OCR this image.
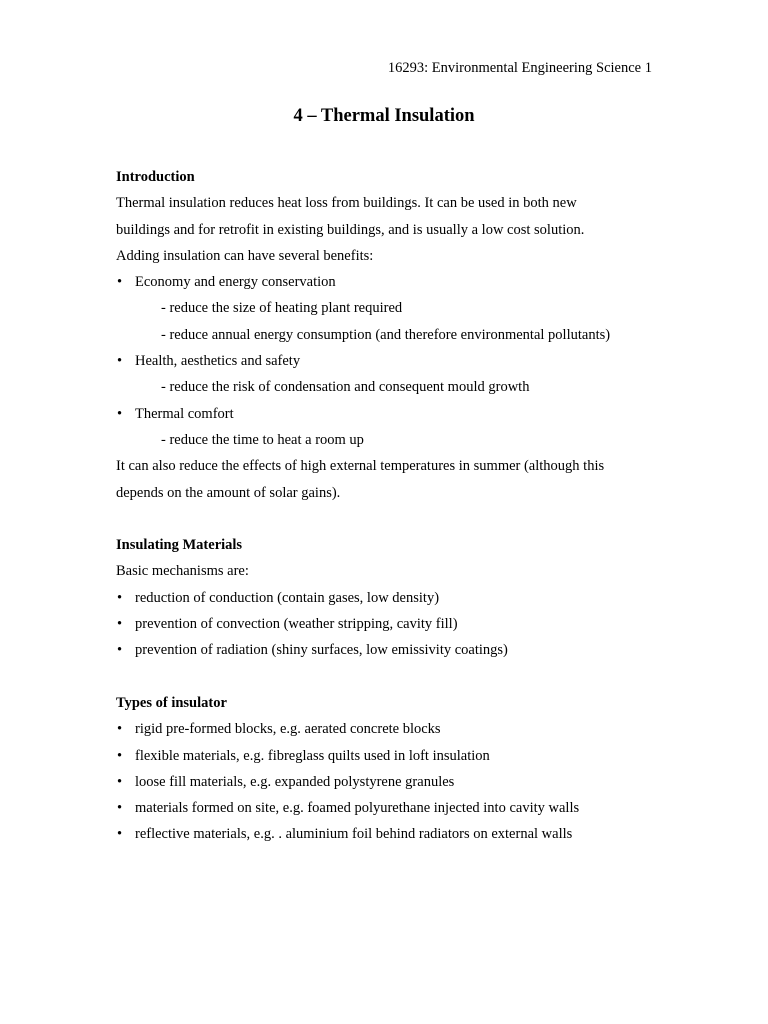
16293: Environmental Engineering Science 1
4 – Thermal Insulation

Introduction

Thermal insulation reduces heat loss from buildings. It can be used in both new

buildings and for retrofit in existing buildings, and is usually a low cost solution.

Adding insulation can have several benefits:

• Economy and energy conservation

- reduce the size of heating plant required

- reduce annual energy consumption (and therefore environmental pollutants)

• Health, aesthetics and safety

- reduce the risk of condensation and consequent mould growth

• Thermal comfort

- reduce the time to heat a room up

It can also reduce the effects of high external temperatures in summer (although this

depends on the amount of solar gains).

Insulating Materials

Basic mechanisms are:

• reduction of conduction (contain gases, low density)
• prevention of convection (weather stripping, cavity fill)
• prevention of radiation (shiny surfaces, low emissivity coatings)

Types of insulator

• rigid pre-formed blocks, e.g. aerated concrete blocks
• flexible materials, e.g. fibreglass quilts used in loft insulation
• loose fill materials, e.g. expanded polystyrene granules
• materials formed on site, e.g. foamed polyurethane injected into cavity walls
• reflective materials, e.g. . aluminium foil behind radiators on external walls
